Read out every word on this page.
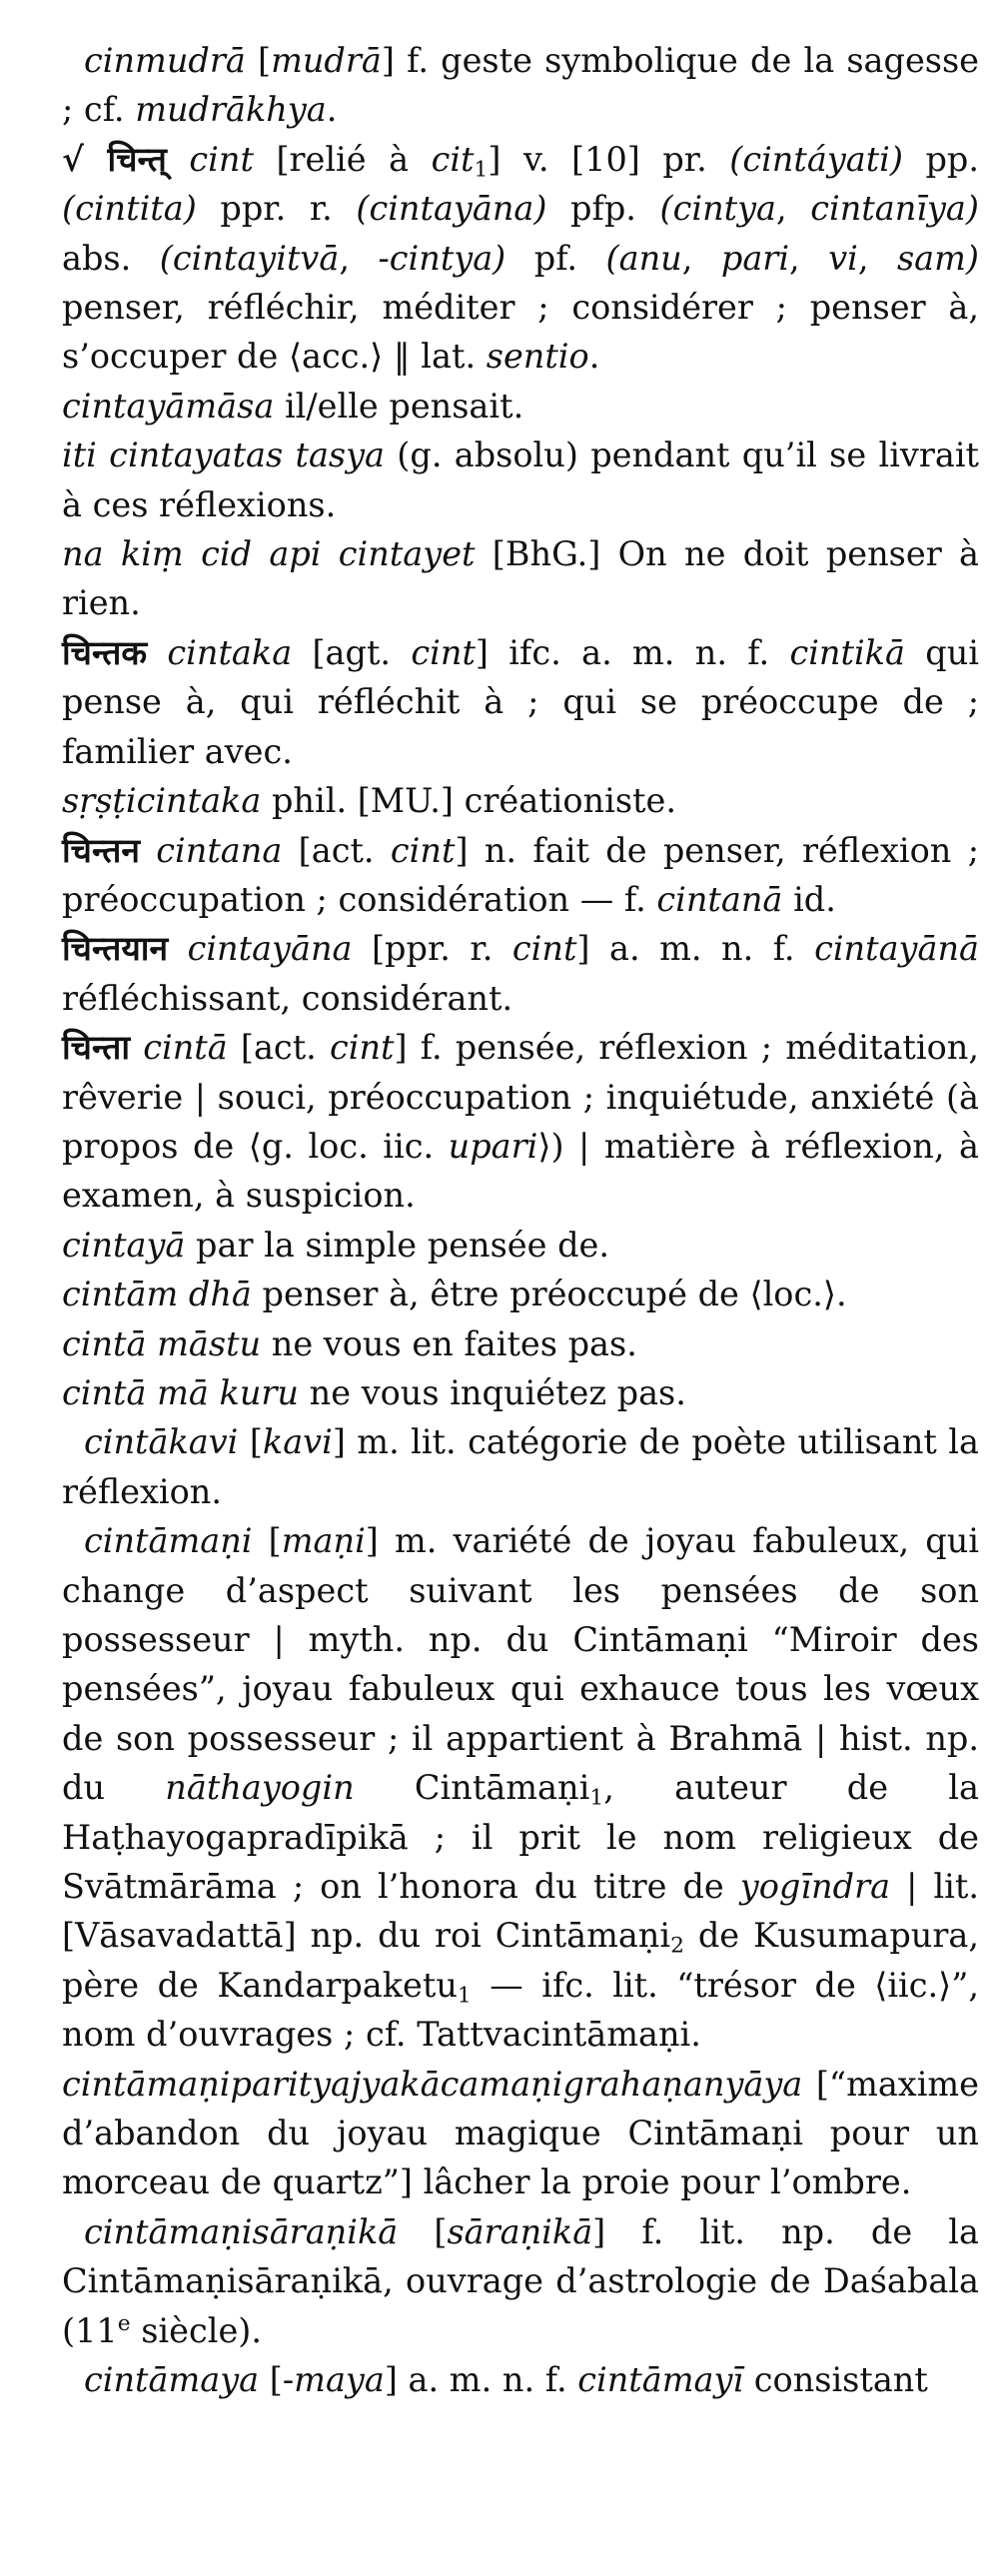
cinmudrā [mudrā] f. geste symbolique de la sagesse ; cf. mudrākhya.

√ चिन्त् cint [relié à cit$_1$] v. [10] pr. (cintáyati) pp. (cintita) ppr. r. (cintayāna) pfp. (cintya, cintanīya) abs. (cintayitvā, -cintya) pf. (anu, pari, vi, sam) penser, réfléchir, méditer ; considérer ; penser à, s’occuper de ⟨acc.⟩ ‖ lat. sentio.

cintayāmāsa il/elle pensait.

iti cintayatas tasya (g. absolu) pendant qu’il se livrait à ces réflexions.

na kiṃ cid api cintayet [BhG.] On ne doit penser à rien.

चिन्तक cintaka [agt. cint] ifc. a. m. n. f. cintikā qui pense à, qui réfléchit à ; qui se préoccupe de ; familier avec.

sṛṣṭicintaka phil. [MU.] créationiste.

चिन्तन cintana [act. cint] n. fait de penser, réflexion ; préoccupation ; considération — f. cintanā id.

चिन्तयान cintayāna [ppr. r. cint] a. m. n. f. cintayānā réfléchissant, considérant.

चिन्ता cintā [act. cint] f. pensée, réflexion ; méditation, rêverie | souci, préoccupation ; inquiétude, anxiété (à propos de ⟨g. loc. iic. upari⟩) | matière à réflexion, à examen, à suspicion.

cintayā par la simple pensée de.

cintām dhā penser à, être préoccupé de ⟨loc.⟩.

cintā māstu ne vous en faites pas.

cintā mā kuru ne vous inquiétez pas.

cintākavi [kavi] m. lit. catégorie de poète utilisant la réflexion.

cintāmaṇi [maṇi] m. variété de joyau fabuleux, qui change d’aspect suivant les pensées de son possesseur | myth. np. du Cintāmaṇi “Miroir des pensées”, joyau fabuleux qui exhauce tous les vœux de son possesseur ; il appartient à Brahmā | hist. np. du nāthayogin Cintāmaṇi$_1$, auteur de la Haṭhayogapradīpikā ; il prit le nom religieux de Svātmārāma ; on l’honora du titre de yogīndra | lit. [Vāsavadattā] np. du roi Cintāmaṇi$_2$ de Kusumapura, père de Kandarpaketu$_1$ — ifc. lit. “trésor de ⟨iic.⟩”, nom d’ouvrages ; cf. Tattvacintāmaṇi.

cintāmaṇiparityajyakācamaṇigrahaṇanyāya [“maxime d’abandon du joyau magique Cintāmaṇi pour un morceau de quartz”] lâcher la proie pour l’ombre.

cintāmaṇisāraṇikā [sāraṇikā] f. lit. np. de la Cintāmaṇisāraṇikā, ouvrage d’astrologie de Daśabala (11e siècle).

cintāmaya [-maya] a. m. n. f. cintāmayī consistant
